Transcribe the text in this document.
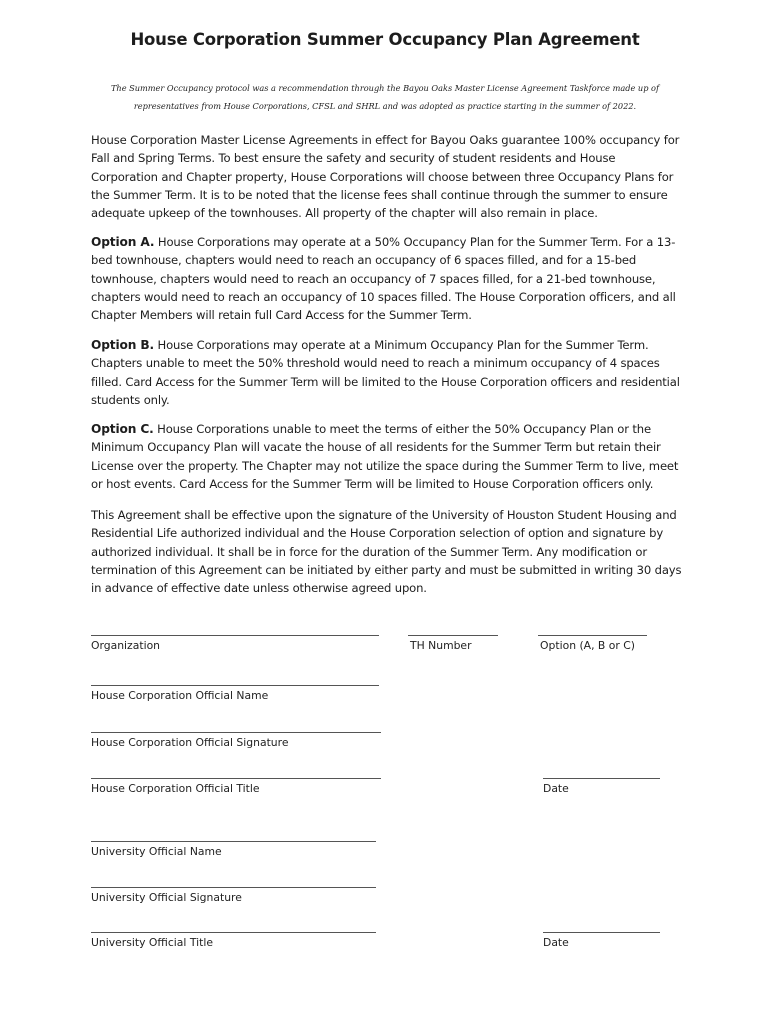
House Corporation Summer Occupancy Plan Agreement
The Summer Occupancy protocol was a recommendation through the Bayou Oaks Master License Agreement Taskforce made up of
representatives from House Corporations, CFSL and SHRL and was adopted as practice starting in the summer of 2022.

House Corporation Master License Agreements in effect for Bayou Oaks guarantee 100% occupancy for Fall and Spring Terms. To best ensure the safety and security of student residents and House Corporation and Chapter property, House Corporations will choose between three Occupancy Plans for the Summer Term. It is to be noted that the license fees shall continue through the summer to ensure adequate upkeep of the townhouses. All property of the chapter will also remain in place.

Option A. House Corporations may operate at a 50% Occupancy Plan for the Summer Term. For a 13-bed townhouse, chapters would need to reach an occupancy of 6 spaces filled, and for a 15-bed townhouse, chapters would need to reach an occupancy of 7 spaces filled, for a 21-bed townhouse, chapters would need to reach an occupancy of 10 spaces filled. The House Corporation officers, and all Chapter Members will retain full Card Access for the Summer Term.

Option B. House Corporations may operate at a Minimum Occupancy Plan for the Summer Term. Chapters unable to meet the 50% threshold would need to reach a minimum occupancy of 4 spaces filled. Card Access for the Summer Term will be limited to the House Corporation officers and residential students only.

Option C. House Corporations unable to meet the terms of either the 50% Occupancy Plan or the Minimum Occupancy Plan will vacate the house of all residents for the Summer Term but retain their License over the property. The Chapter may not utilize the space during the Summer Term to live, meet or host events. Card Access for the Summer Term will be limited to House Corporation officers only.

This Agreement shall be effective upon the signature of the University of Houston Student Housing and Residential Life authorized individual and the House Corporation selection of option and signature by authorized individual. It shall be in force for the duration of the Summer Term. Any modification or termination of this Agreement can be initiated by either party and must be submitted in writing 30 days in advance of effective date unless otherwise agreed upon.

Organization	TH Number	Option (A, B or C)
House Corporation Official Name
House Corporation Official Signature
House Corporation Official Title	Date
University Official Name
University Official Signature
University Official Title	Date
